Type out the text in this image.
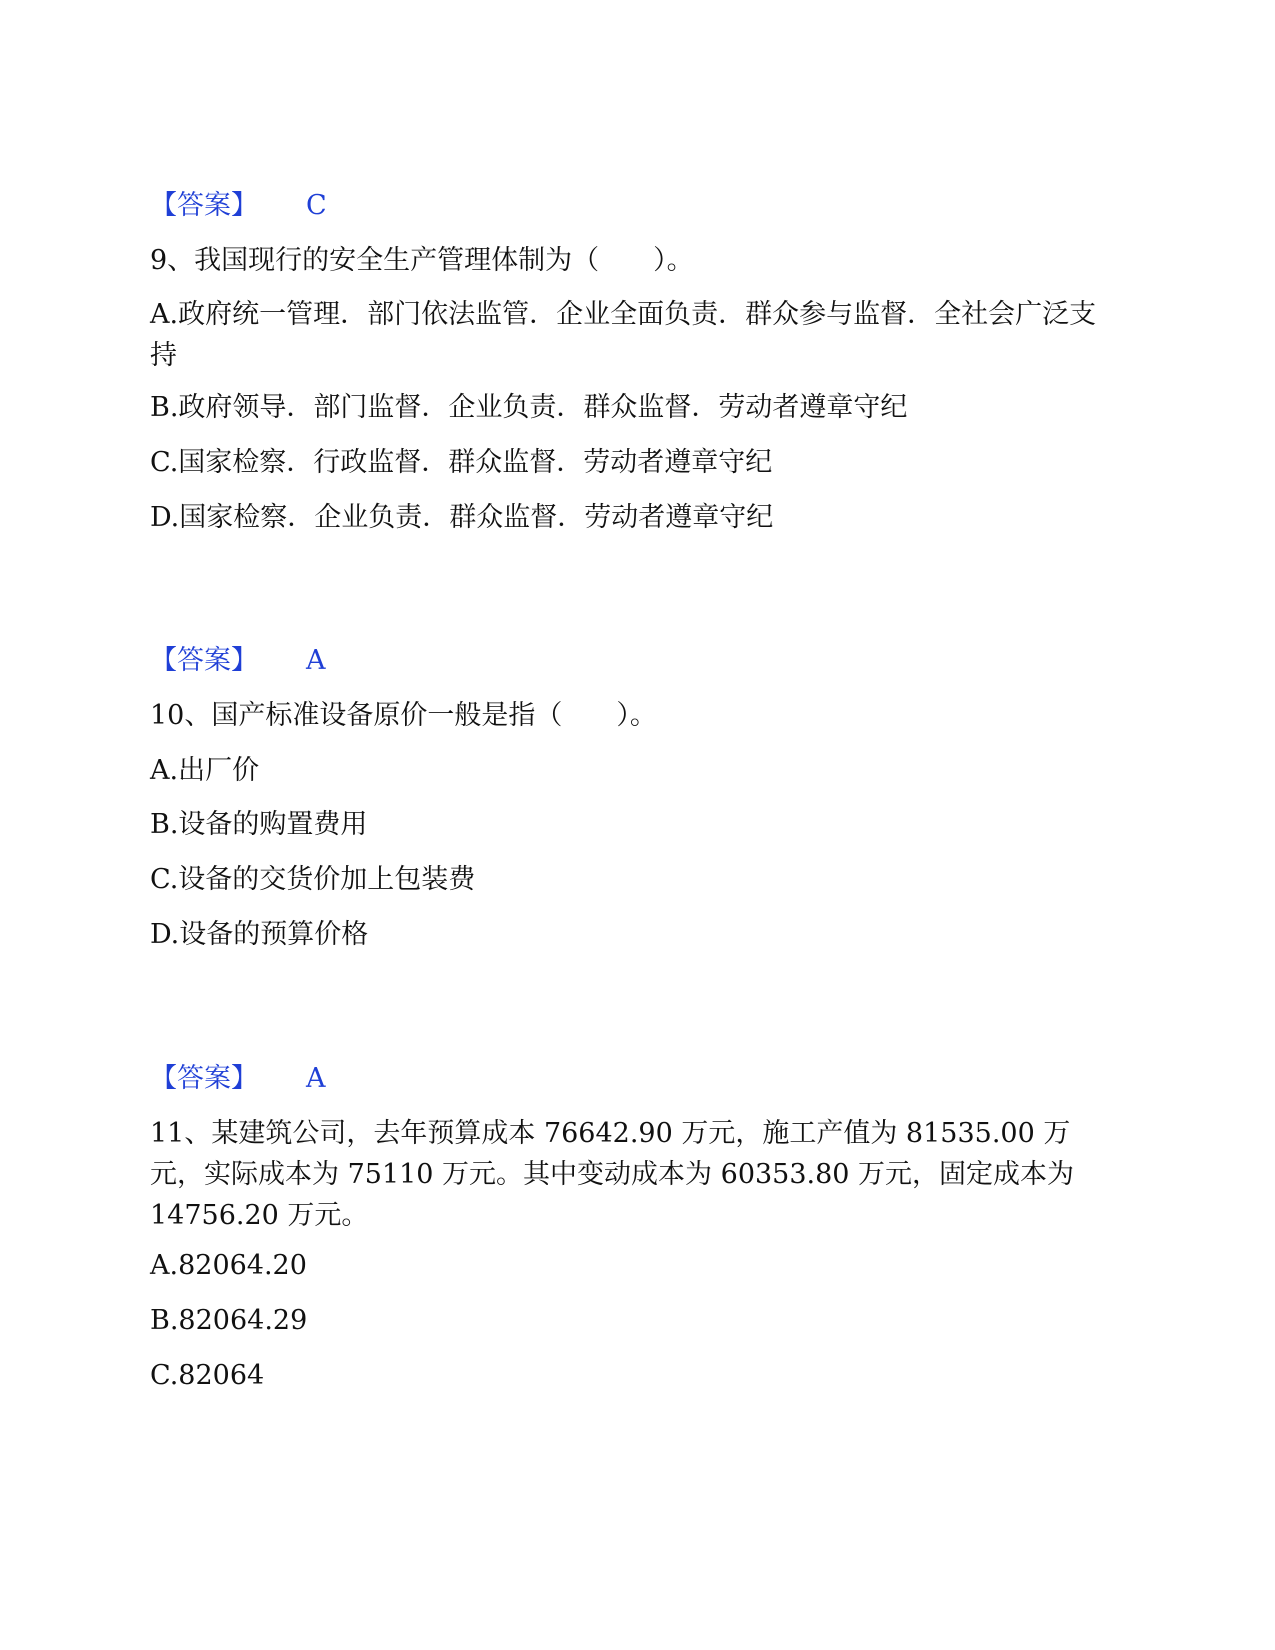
【答案】 C
9、我国现行的安全生产管理体制为（　　）。
A.政府统一管理．部门依法监管．企业全面负责．群众参与监督．全社会广泛支持
B.政府领导．部门监督．企业负责．群众监督．劳动者遵章守纪
C.国家检察．行政监督．群众监督．劳动者遵章守纪
D.国家检察．企业负责．群众监督．劳动者遵章守纪
【答案】 A
10、国产标准设备原价一般是指（　　）。
A.出厂价
B.设备的购置费用
C.设备的交货价加上包装费
D.设备的预算价格
【答案】 A
11、某建筑公司，去年预算成本 76642.90 万元，施工产值为 81535.00 万元，实际成本为 75110 万元。其中变动成本为 60353.80 万元，固定成本为 14756.20 万元。
A.82064.20
B.82064.29
C.82064
